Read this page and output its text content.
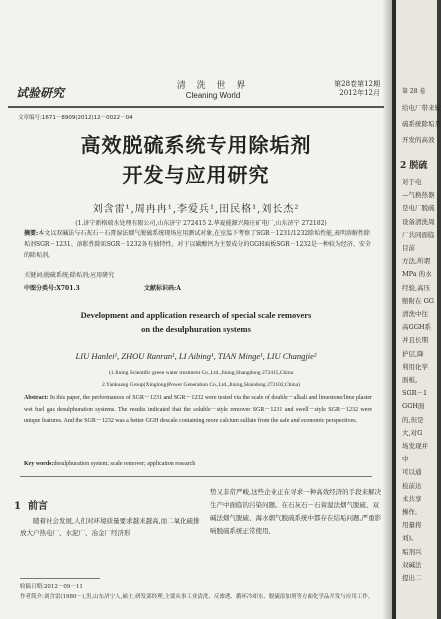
试验研究	清 洗 世 界
Cleaning World
第28卷第12期
2012年12月
文章编号:1671－8909(2012)12－0022－04
高效脱硫系统专用除垢剂
开发与应用研究
刘含雷¹,周冉冉¹,李爱兵¹,田民格¹,刘长杰²
(1.济宁新格瑞水处理有限公司,山东济宁 272415 2.华夏能源兴隆庄矿电厂,山东济宁 272102)
摘要:本文以双碱法与石灰石－石膏湿法烟气脱硫系统现场应用测试对象,在室温下考察了SGR－1231/1232除垢性能,表明溶解性除垢剂SGR－1231、溶胀性除垢SGR－1232各有独特性。对于以碳酸钙为主要成分的GGH面板SGR－1232是一种较为经济、安全的除垢剂。
关键词:脱硫系统;除垢剂;应用研究
中图分类号:X701.3	文献标识码:A
Development and application research of special scale removers
on the desulphuration systems
LIU Hanlei¹, ZHOU Ranran¹, LI Aibing¹, TIAN Minge¹, LIU Changjie²
(1.Jining Scientific green water treatment Co.,Ltd.,Jining,Shangdong 272415,China
2.Yankuang Group(Xinglong)Power Generation Co.,Ltd.,Jining,Shandong 272102,China)
Abstract: In this paper, the performances of SGR－1231 and SGR－1232 were tested via the scale of double－alkali and limestone/lime plaster wet fuel gas desulphuration systems. The results indicated that the soluble－style remover SGR－1231 and swell－style SGR－1232 were unique features. And the SGR－1232 was a better GGH descale containing more calcium sulfate from the safe and economic perspectives.
Key words:desulphuration system; scale remover; application research
1 前言
随着社会发展,人们对环境质量要求越来越高,而二氧化硫排放大户热电厂、水泥厂、冶金厂经济形
势又非常严峻,这些企业正在寻求一种高效经济的手段来解决生产中面临的污染问题。在石灰石－石膏湿法烟气脱硫、双碱法烟气脱硫、海水烟气脱硫系统中都存在结垢问题,严重影响脱硫系统正常使用,
收稿日期:2012－09－11
作者简介:刘含雷(1980－),男,山东济宁人,硕士,研发部经理,主要从事工业清洗、反渗透、循环冷却水、脱硫添加剂等方面化学品开发与应用工作。
第 28 卷
2 脱硫
给电厂带来较
硫系统除垢是
开发的高效
对于电
—气换热器
是电厂脱硫
设备清洗周
厂共同面临
目前
方法,所谓
MPa 的水
经验,高压
赔附在 GG
清洗中往
高GGH系
并且长期
护层,降
利用化学
面板。
SGR－1
GGH面
的,但是
大,对G
场发现并
中
可以通
检前达
术共享
操作,
用量将
刘)。
垢剂兴
双碱法
提出二
